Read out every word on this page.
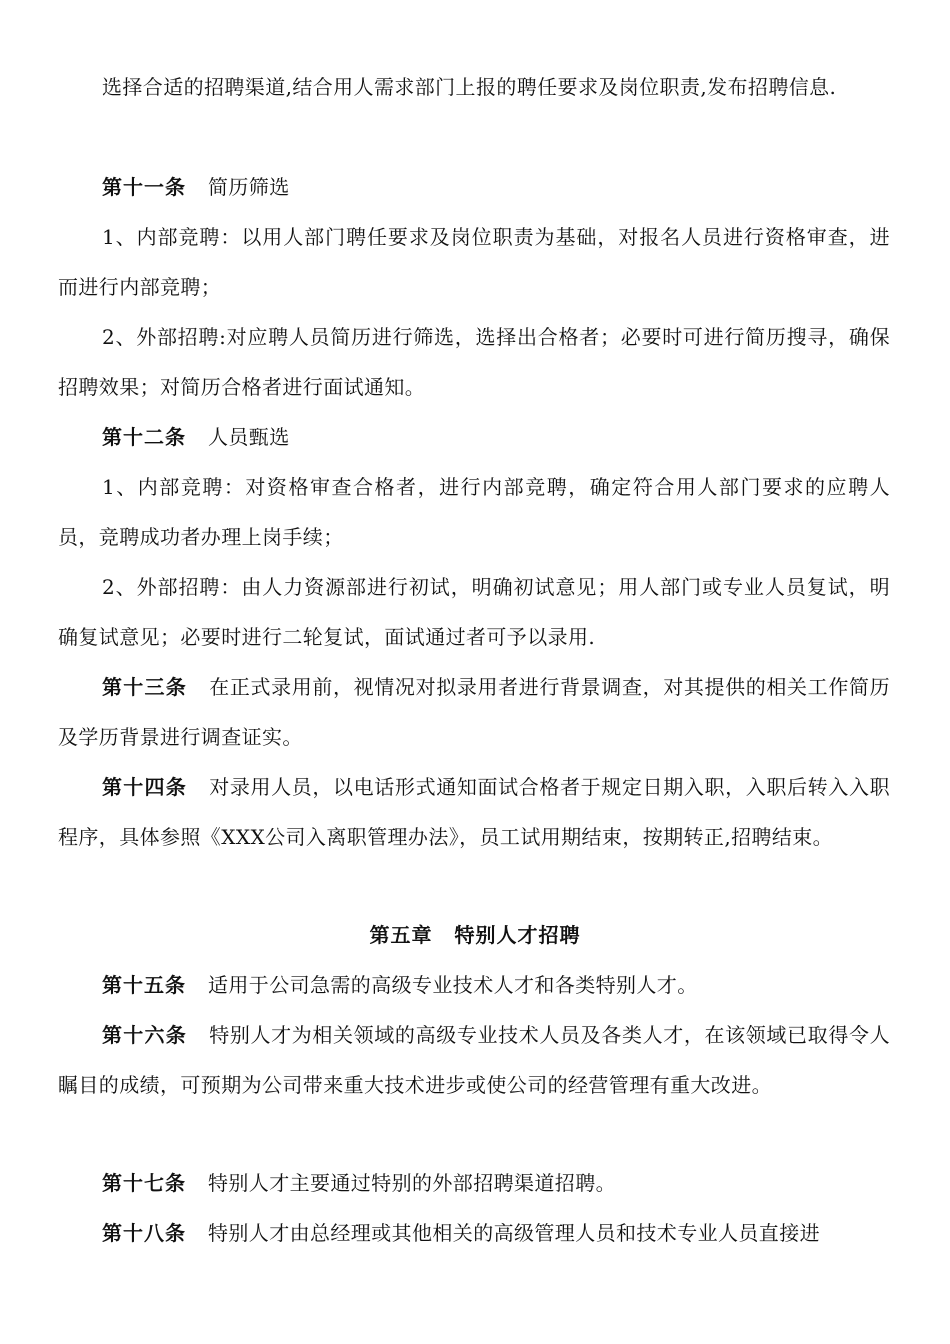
选择合适的招聘渠道,结合用人需求部门上报的聘任要求及岗位职责,发布招聘信息.

第十一条 简历筛选

1、内部竞聘：以用人部门聘任要求及岗位职责为基础，对报名人员进行资格审查，进而进行内部竞聘；

2、外部招聘:对应聘人员简历进行筛选，选择出合格者；必要时可进行简历搜寻，确保招聘效果；对简历合格者进行面试通知。

第十二条 人员甄选

1、内部竞聘：对资格审查合格者，进行内部竞聘，确定符合用人部门要求的应聘人员，竞聘成功者办理上岗手续；

2、外部招聘：由人力资源部进行初试，明确初试意见；用人部门或专业人员复试，明确复试意见；必要时进行二轮复试，面试通过者可予以录用.

第十三条 在正式录用前，视情况对拟录用者进行背景调查，对其提供的相关工作简历及学历背景进行调查证实。

第十四条 对录用人员，以电话形式通知面试合格者于规定日期入职，入职后转入入职程序，具体参照《XXX公司入离职管理办法》，员工试用期结束，按期转正,招聘结束。

第五章 特别人才招聘

第十五条 适用于公司急需的高级专业技术人才和各类特别人才。

第十六条 特别人才为相关领域的高级专业技术人员及各类人才，在该领域已取得令人瞩目的成绩，可预期为公司带来重大技术进步或使公司的经营管理有重大改进。

第十七条 特别人才主要通过特别的外部招聘渠道招聘。

第十八条 特别人才由总经理或其他相关的高级管理人员和技术专业人员直接进
